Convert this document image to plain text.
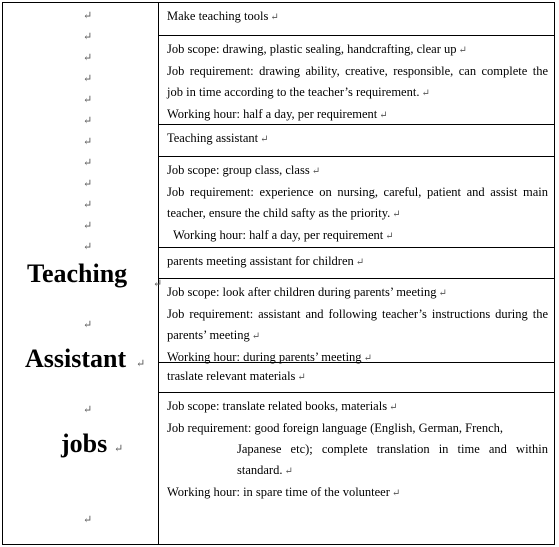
↵
↵
↵
↵
↵
↵
↵
↵
↵
↵
↵
↵
Teaching ↵
↵
Assistant ↵
↵
jobs ↵
↵
Make teaching tools ↵
Job scope: drawing, plastic sealing, handcrafting, clear up ↵
Job requirement: drawing ability, creative, responsible, can complete the job in time according to the teacher’s requirement. ↵
Working hour: half a day, per requirement ↵
Teaching assistant ↵
Job scope: group class, class ↵
Job requirement: experience on nursing, careful, patient and assist main teacher, ensure the child safty as the priority. ↵
Working hour: half a day, per requirement ↵
parents meeting assistant for children ↵
Job scope: look after children during parents’ meeting ↵
Job requirement: assistant and following teacher’s instructions during the parents’ meeting ↵
Working hour: during parents’ meeting ↵
traslate relevant materials ↵
Job scope: translate related books, materials ↵
Job requirement: good foreign language (English, German, French,
Japanese etc); complete translation in time and within standard. ↵
Working hour: in spare time of the volunteer ↵
